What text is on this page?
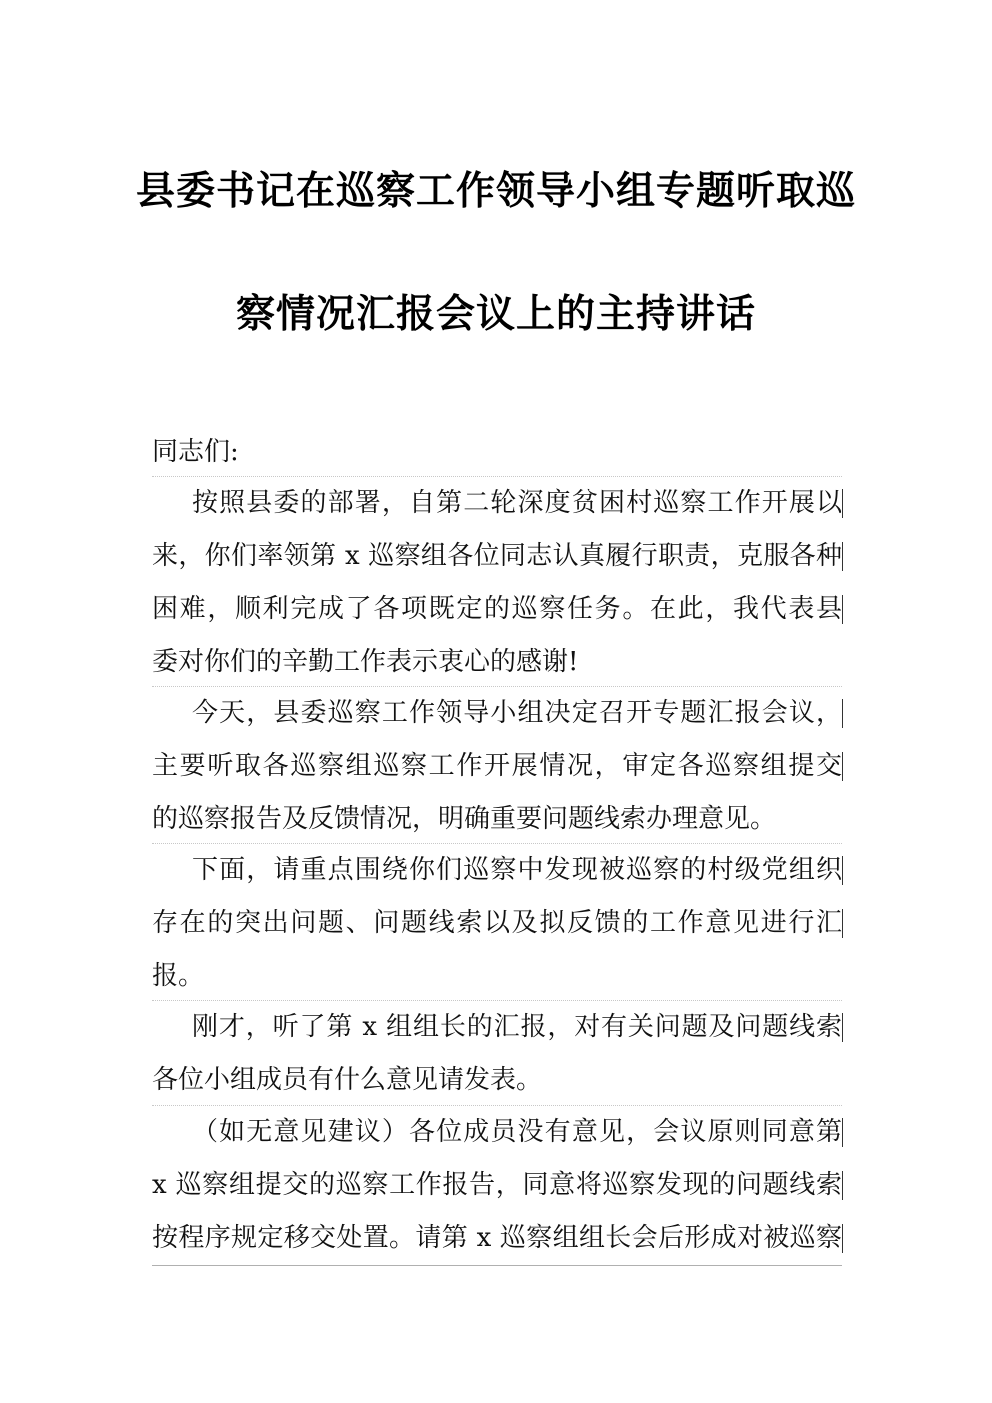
县委书记在巡察工作领导小组专题听取巡
察情况汇报会议上的主持讲话
同志们:
按照县委的部署，自第二轮深度贫困村巡察工作开展以
来，你们率领第 x 巡察组各位同志认真履行职责，克服各种
困难，顺利完成了各项既定的巡察任务。在此，我代表县
委对你们的辛勤工作表示衷心的感谢!
今天，县委巡察工作领导小组决定召开专题汇报会议，
主要听取各巡察组巡察工作开展情况，审定各巡察组提交
的巡察报告及反馈情况，明确重要问题线索办理意见。
下面，请重点围绕你们巡察中发现被巡察的村级党组织
存在的突出问题、问题线索以及拟反馈的工作意见进行汇
报。
刚才，听了第 x 组组长的汇报，对有关问题及问题线索
各位小组成员有什么意见请发表。
（如无意见建议）各位成员没有意见，会议原则同意第
x 巡察组提交的巡察工作报告，同意将巡察发现的问题线索
按程序规定移交处置。请第 x 巡察组组长会后形成对被巡察
